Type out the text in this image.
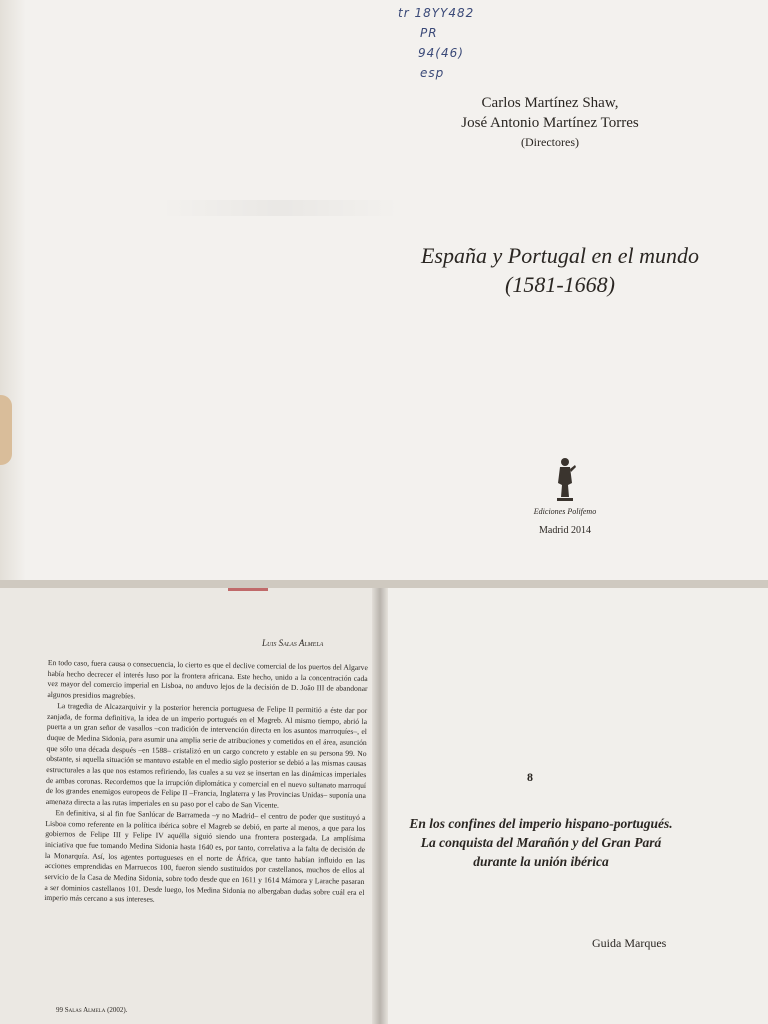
tr 18YY482
PR
94(46)
esp
Carlos Martínez Shaw,
José Antonio Martínez Torres
(Directores)
España y Portugal en el mundo
(1581-1668)
Ediciones Polifemo
Madrid 2014
Luis Salas Almela

En todo caso, fuera causa o consecuencia, lo cierto es que el declive comercial de los puertos del Algarve había hecho decrecer el interés luso por la frontera africana. Este hecho, unido a la concentración cada vez mayor del comercio imperial en Lisboa, no anduvo lejos de la decisión de D. João III de abandonar algunos presidios magrebíes.

La tragedia de Alcazarquivir y la posterior herencia portuguesa de Felipe II permitió a éste dar por zanjada, de forma definitiva, la idea de un imperio portugués en el Magreb. Al mismo tiempo, abrió la puerta a un gran señor de vasallos –con tradición de intervención directa en los asuntos marroquíes–, el duque de Medina Sidonia, para asumir una amplia serie de atribuciones y cometidos en el área, asunción que sólo una década después –en 1588– cristalizó en un cargo concreto y estable en su persona 99. No obstante, si aquella situación se mantuvo estable en el medio siglo posterior se debió a las mismas causas estructurales a las que nos estamos refiriendo, las cuales a su vez se insertan en las dinámicas imperiales de ambas coronas. Recordemos que la irrupción diplomática y comercial en el nuevo sultanato marroquí de los grandes enemigos europeos de Felipe II –Francia, Inglaterra y las Provincias Unidas– suponía una amenaza directa a las rutas imperiales en su paso por el cabo de San Vicente.

En definitiva, si al fin fue Sanlúcar de Barrameda –y no Madrid– el centro de poder que sustituyó a Lisboa como referente en la política ibérica sobre el Magreb se debió, en parte al menos, a que para los gobiernos de Felipe III y Felipe IV aquélla siguió siendo una frontera postergada. La amplísima iniciativa que fue tomando Medina Sidonia hasta 1640 es, por tanto, correlativa a la falta de decisión de la Monarquía. Así, los agentes portugueses en el norte de África, que tanto habían influido en las acciones emprendidas en Marruecos 100, fueron siendo sustituidos por castellanos, muchos de ellos al servicio de la Casa de Medina Sidonia, sobre todo desde que en 1611 y 1614 Mámora y Larache pasaran a ser dominios castellanos 101. Desde luego, los Medina Sidonia no albergaban dudas sobre cuál era el imperio más cercano a sus intereses.

99 Salas Almela (2002).
8
En los confines del imperio hispano-portugués.
La conquista del Marañón y del Gran Pará
durante la unión ibérica
Guida Marques
